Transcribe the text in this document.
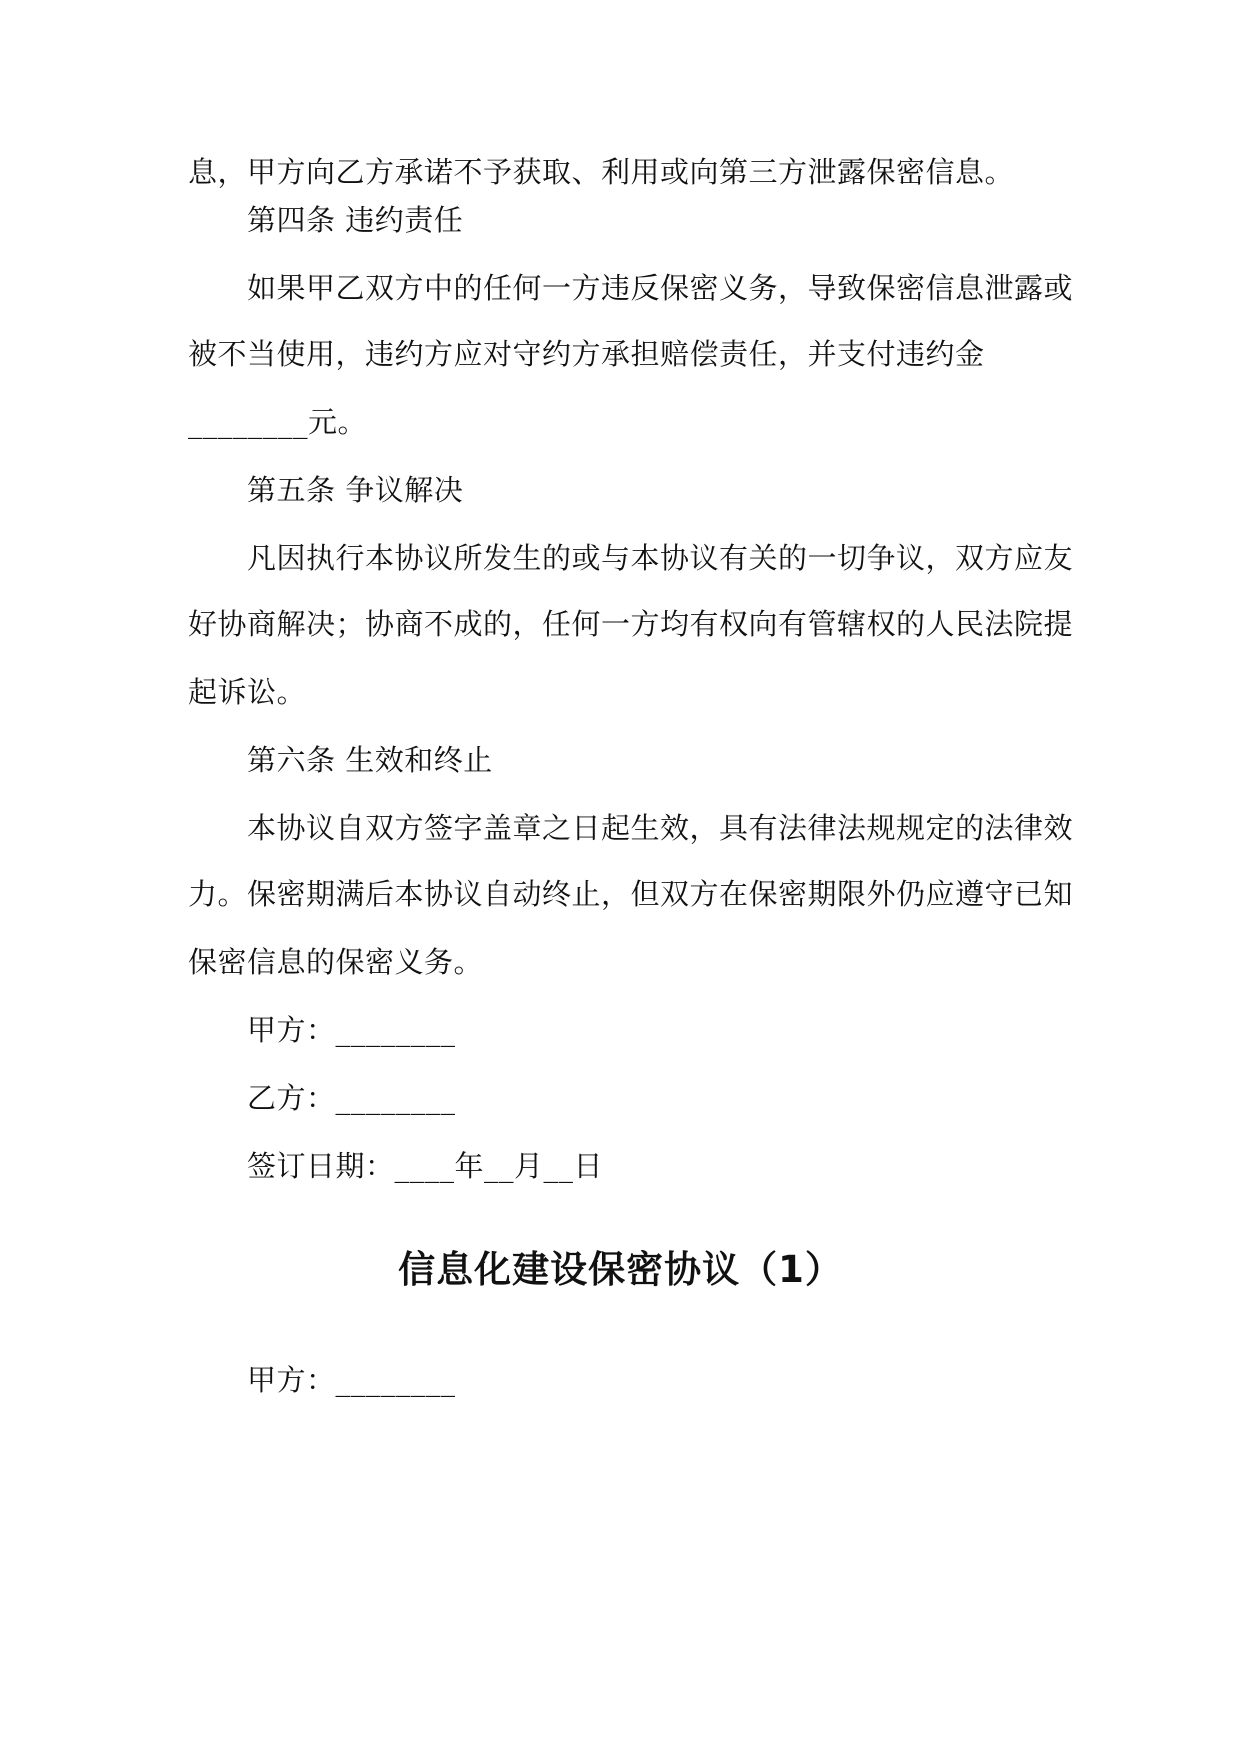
息，甲方向乙方承诺不予获取、利用或向第三方泄露保密信息。
第四条 违约责任
如果甲乙双方中的任何一方违反保密义务，导致保密信息泄露或
被不当使用，违约方应对守约方承担赔偿责任，并支付违约金
________元。
第五条 争议解决
凡因执行本协议所发生的或与本协议有关的一切争议，双方应友
好协商解决；协商不成的，任何一方均有权向有管辖权的人民法院提
起诉讼。
第六条 生效和终止
本协议自双方签字盖章之日起生效，具有法律法规规定的法律效
力。保密期满后本协议自动终止，但双方在保密期限外仍应遵守已知
保密信息的保密义务。
甲方：________
乙方：________
签订日期：____年__月__日
信息化建设保密协议（1）
甲方：________
